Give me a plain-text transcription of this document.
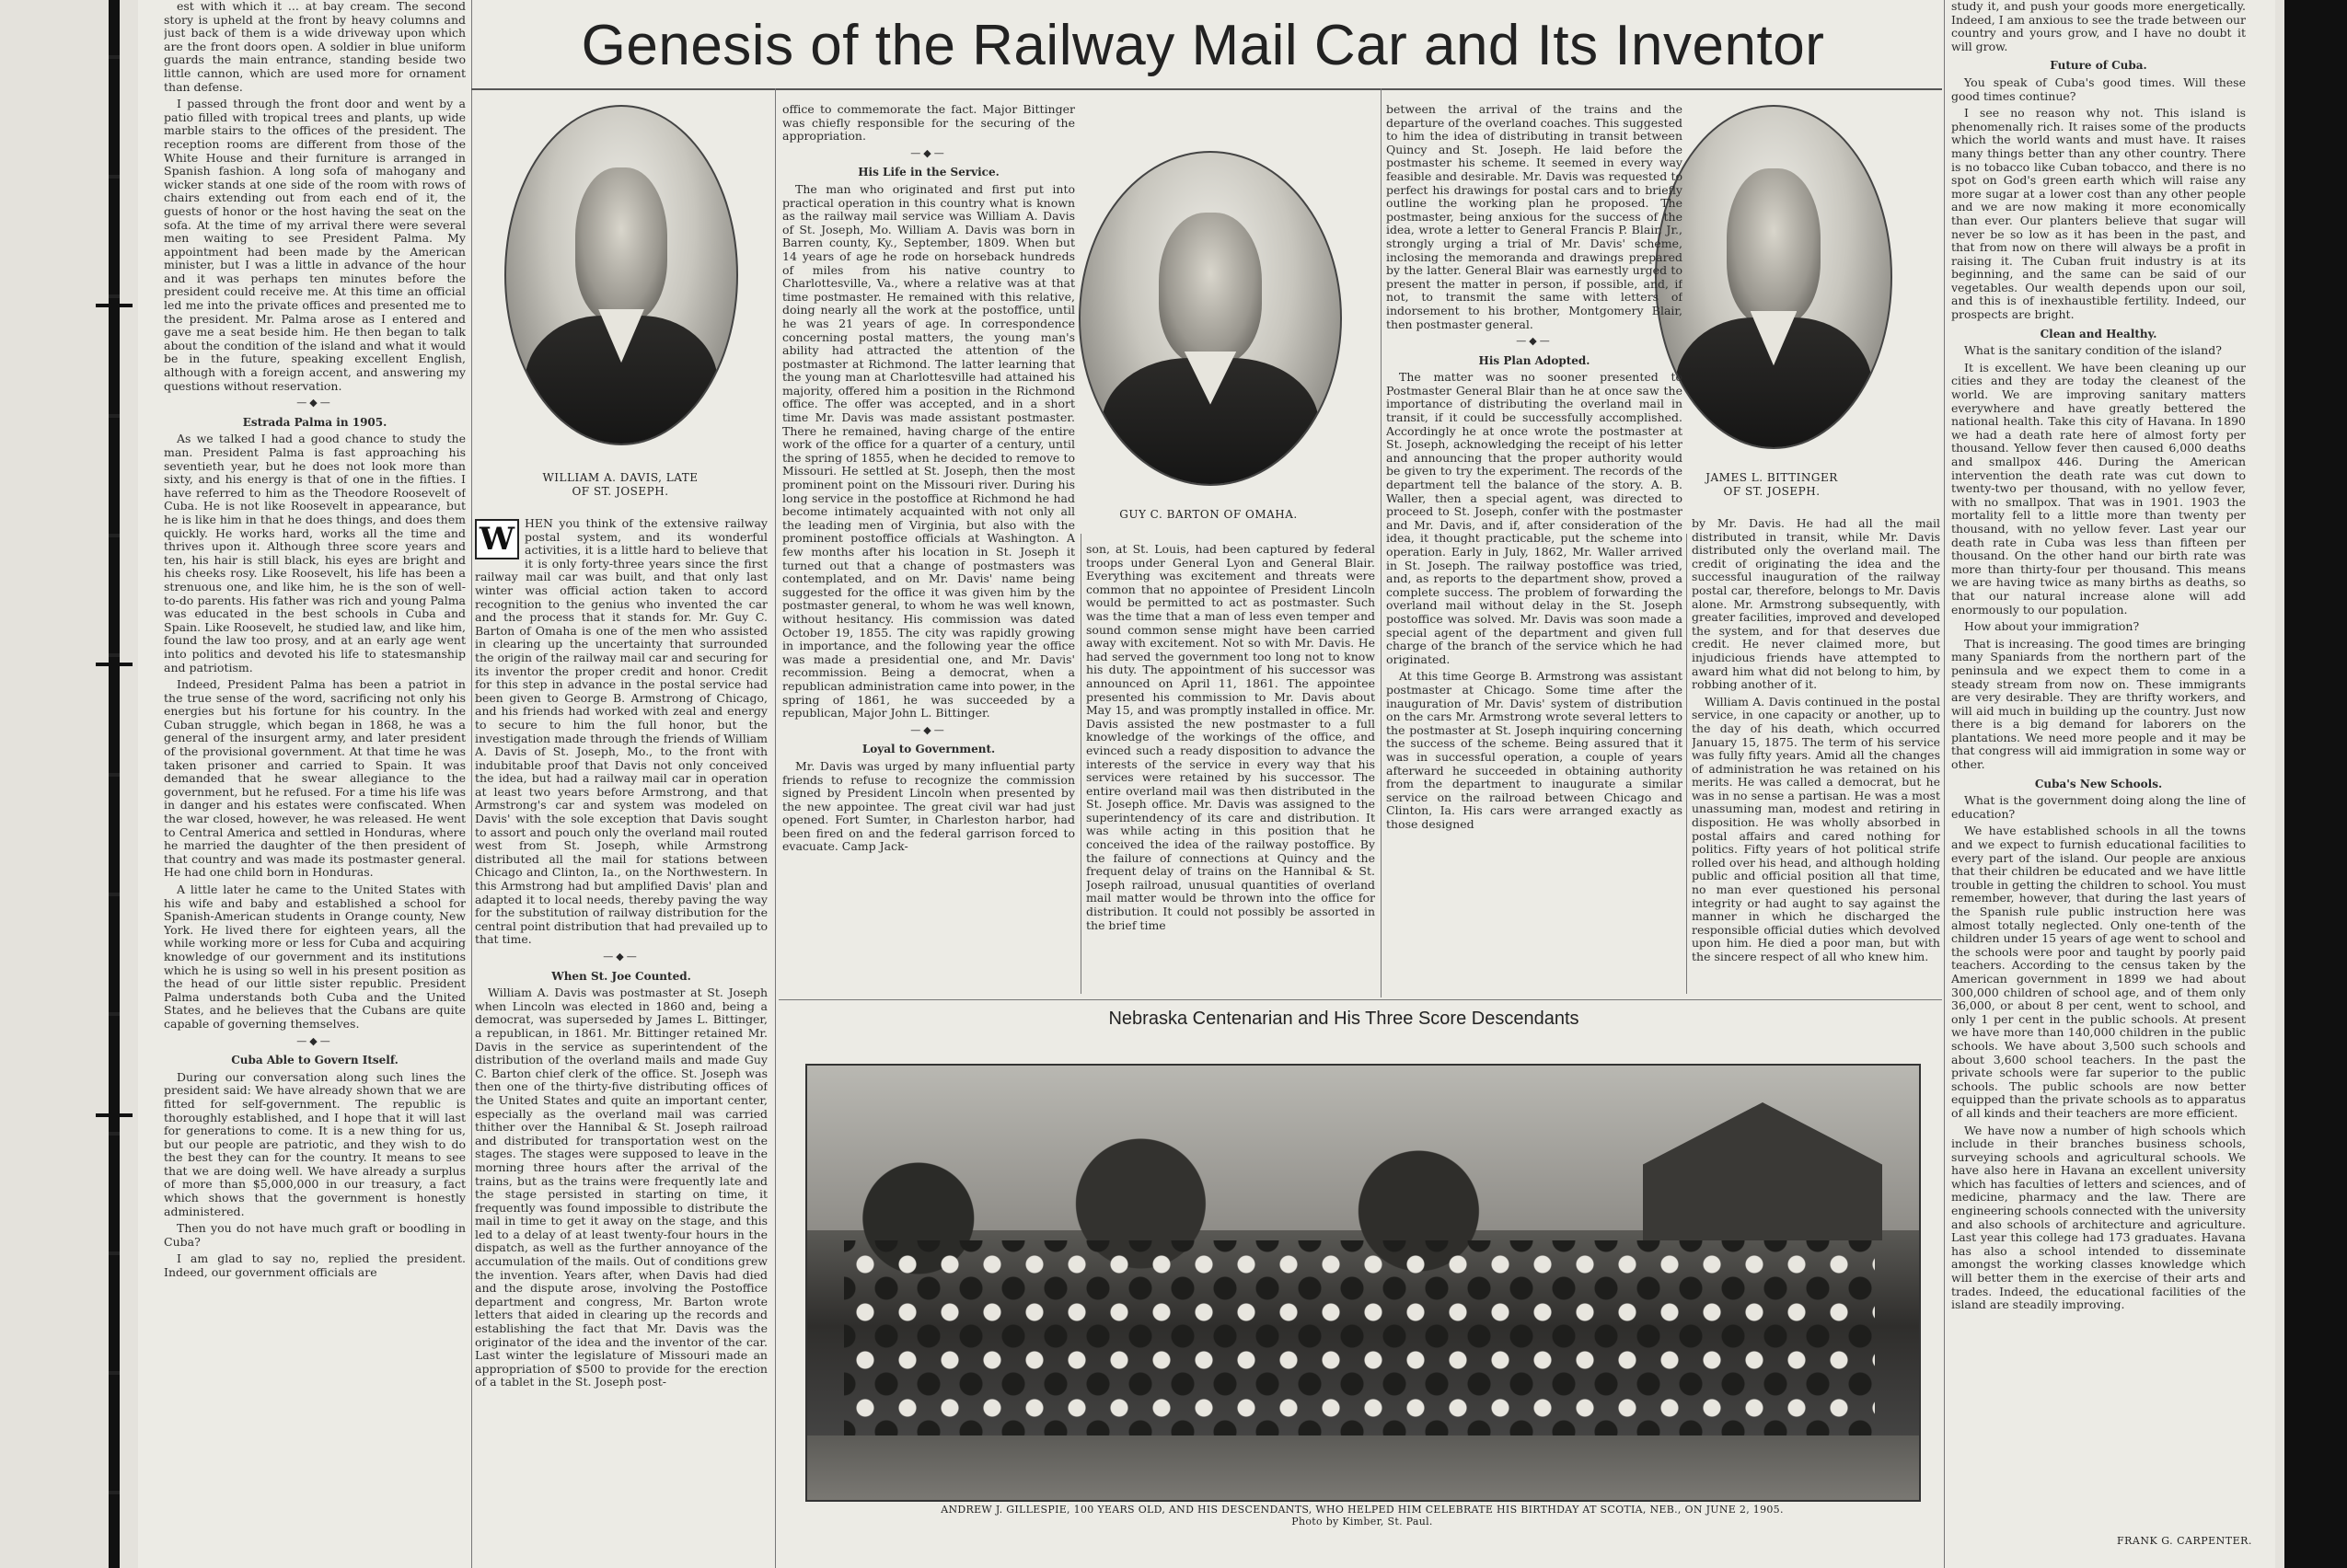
est with which it ... at bay cream. The second story is upheld at the front by heavy columns and just back of them is a wide driveway upon which are the front doors open. A soldier in blue uniform guards the main entrance, standing beside two little cannon, which are used more for ornament than defense.

I passed through the front door and went by a patio filled with tropical trees and plants, up wide marble stairs to the offices of the president. The reception rooms are different from those of the White House and their furniture is arranged in Spanish fashion. A long sofa of mahogany and wicker stands at one side of the room with rows of chairs extending out from each end of it, the guests of honor or the host having the seat on the sofa. At the time of my arrival there were several men waiting to see President Palma. My appointment had been made by the American minister, but I was a little in advance of the hour and it was perhaps ten minutes before the president could receive me. At this time an official led me into the private offices and presented me to the president. Mr. Palma arose as I entered and gave me a seat beside him. He then began to talk about the condition of the island and what it would be in the future, speaking excellent English, although with a foreign accent, and answering my questions without reservation.

—◆—
Estrada Palma in 1905.

As we talked I had a good chance to study the man. President Palma is fast approaching his seventieth year, but he does not look more than sixty, and his energy is that of one in the fifties. I have referred to him as the Theodore Roosevelt of Cuba. He is not like Roosevelt in appearance, but he is like him in that he does things, and does them quickly. He works hard, works all the time and thrives upon it. Although three score years and ten, his hair is still black, his eyes are bright and his cheeks rosy. Like Roosevelt, his life has been a strenuous one, and like him, he is the son of well-to-do parents. His father was rich and young Palma was educated in the best schools in Cuba and Spain. Like Roosevelt, he studied law, and like him, found the law too prosy, and at an early age went into politics and devoted his life to statesmanship and patriotism.

Indeed, President Palma has been a patriot in the true sense of the word, sacrificing not only his energies but his fortune for his country. In the Cuban struggle, which began in 1868, he was a general of the insurgent army, and later president of the provisional government. At that time he was taken prisoner and carried to Spain. It was demanded that he swear allegiance to the government, but he refused. For a time his life was in danger and his estates were confiscated. When the war closed, however, he was released. He went to Central America and settled in Honduras, where he married the daughter of the then president of that country and was made its postmaster general. He had one child born in Honduras.

A little later he came to the United States with his wife and baby and established a school for Spanish-American students in Orange county, New York. He lived there for eighteen years, all the while working more or less for Cuba and acquiring knowledge of our government and its institutions which he is using so well in his present position as the head of our little sister republic. President Palma understands both Cuba and the United States, and he believes that the Cubans are quite capable of governing themselves.

—◆—
Cuba Able to Govern Itself.

During our conversation along such lines the president said: We have already shown that we are fitted for self-government. The republic is thoroughly established, and I hope that it will last for generations to come. It is a new thing for us, but our people are patriotic, and they wish to do the best they can for the country. It means to see that we are doing well. We have already a surplus of more than $5,000,000 in our treasury, a fact which shows that the government is honestly administered.

Then you do not have much graft or boodling in Cuba?

I am glad to say no, replied the president. Indeed, our government officials are

Genesis of the Railway Mail Car and Its Inventor
WILLIAM A. DAVIS, LATE
OF ST. JOSEPH.
GUY C. BARTON OF OMAHA.
JAMES L. BITTINGER
OF ST. JOSEPH.

W HEN you think of the extensive railway postal system, and its wonderful activities, it is a little hard to believe that it is only forty-three years since the first railway mail car was built, and that only last winter was official action taken to accord recognition to the genius who invented the car and the process that it stands for. Mr. Guy C. Barton of Omaha is one of the men who assisted in clearing up the uncertainty that surrounded the origin of the railway mail car and securing for its inventor the proper credit and honor. Credit for this step in advance in the postal service had been given to George B. Armstrong of Chicago, and his friends had worked with zeal and energy to secure to him the full honor, but the investigation made through the friends of William A. Davis of St. Joseph, Mo., to the front with indubitable proof that Davis not only conceived the idea, but had a railway mail car in operation at least two years before Armstrong, and that Armstrong's car and system was modeled on Davis' with the sole exception that Davis sought to assort and pouch only the overland mail routed west from St. Joseph, while Armstrong distributed all the mail for stations between Chicago and Clinton, Ia., on the Northwestern. In this Armstrong had but amplified Davis' plan and adapted it to local needs, thereby paving the way for the substitution of railway distribution for the central point distribution that had prevailed up to that time.

—◆—
When St. Joe Counted.

William A. Davis was postmaster at St. Joseph when Lincoln was elected in 1860 and, being a democrat, was superseded by James L. Bittinger, a republican, in 1861. Mr. Bittinger retained Mr. Davis in the service as superintendent of the distribution of the overland mails and made Guy C. Barton chief clerk of the office. St. Joseph was then one of the thirty-five distributing offices of the United States and quite an important center, especially as the overland mail was carried thither over the Hannibal & St. Joseph railroad and distributed for transportation west on the stages. The stages were supposed to leave in the morning three hours after the arrival of the trains, but as the trains were frequently late and the stage persisted in starting on time, it frequently was found impossible to distribute the mail in time to get it away on the stage, and this led to a delay of at least twenty-four hours in the dispatch, as well as the further annoyance of the accumulation of the mails. Out of conditions grew the invention. Years after, when Davis had died and the dispute arose, involving the Postoffice department and congress, Mr. Barton wrote letters that aided in clearing up the records and establishing the fact that Mr. Davis was the originator of the idea and the inventor of the car. Last winter the legislature of Missouri made an appropriation of $500 to provide for the erection of a tablet in the St. Joseph post-

office to commemorate the fact. Major Bittinger was chiefly responsible for the securing of the appropriation.

—◆—
His Life in the Service.

The man who originated and first put into practical operation in this country what is known as the railway mail service was William A. Davis of St. Joseph, Mo. William A. Davis was born in Barren county, Ky., September, 1809. When but 14 years of age he rode on horseback hundreds of miles from his native country to Charlottesville, Va., where a relative was at that time postmaster. He remained with this relative, doing nearly all the work at the postoffice, until he was 21 years of age. In correspondence concerning postal matters, the young man's ability had attracted the attention of the postmaster at Richmond. The latter learning that the young man at Charlottesville had attained his majority, offered him a position in the Richmond office. The offer was accepted, and in a short time Mr. Davis was made assistant postmaster. There he remained, having charge of the entire work of the office for a quarter of a century, until the spring of 1855, when he decided to remove to Missouri. He settled at St. Joseph, then the most prominent point on the Missouri river. During his long service in the postoffice at Richmond he had become intimately acquainted with not only all the leading men of Virginia, but also with the prominent postoffice officials at Washington. A few months after his location in St. Joseph it turned out that a change of postmasters was contemplated, and on Mr. Davis' name being suggested for the office it was given him by the postmaster general, to whom he was well known, without hesitancy. His commission was dated October 19, 1855. The city was rapidly growing in importance, and the following year the office was made a presidential one, and Mr. Davis' recommission. Being a democrat, when a republican administration came into power, in the spring of 1861, he was succeeded by a republican, Major John L. Bittinger.

—◆—
Loyal to Government.

Mr. Davis was urged by many influential party friends to refuse to recognize the commission signed by President Lincoln when presented by the new appointee. The great civil war had just opened. Fort Sumter, in Charleston harbor, had been fired on and the federal garrison forced to evacuate. Camp Jack-

son, at St. Louis, had been captured by federal troops under General Lyon and General Blair. Everything was excitement and threats were common that no appointee of President Lincoln would be permitted to act as postmaster. Such was the time that a man of less even temper and sound common sense might have been carried away with excitement. Not so with Mr. Davis. He had served the government too long not to know his duty. The appointment of his successor was announced on April 11, 1861. The appointee presented his commission to Mr. Davis about May 15, and was promptly installed in office. Mr. Davis assisted the new postmaster to a full knowledge of the workings of the office, and evinced such a ready disposition to advance the interests of the service in every way that his services were retained by his successor. The entire overland mail was then distributed in the St. Joseph office. Mr. Davis was assigned to the superintendency of its care and distribution. It was while acting in this position that he conceived the idea of the railway postoffice. By the failure of connections at Quincy and the frequent delay of trains on the Hannibal & St. Joseph railroad, unusual quantities of overland mail matter would be thrown into the office for distribution. It could not possibly be assorted in the brief time

between the arrival of the trains and the departure of the overland coaches. This suggested to him the idea of distributing in transit between Quincy and St. Joseph. He laid before the postmaster his scheme. It seemed in every way feasible and desirable. Mr. Davis was requested to perfect his drawings for postal cars and to briefly outline the working plan he proposed. The postmaster, being anxious for the success of the idea, wrote a letter to General Francis P. Blair, Jr., strongly urging a trial of Mr. Davis' scheme, inclosing the memoranda and drawings prepared by the latter. General Blair was earnestly urged to present the matter in person, if possible, and, if not, to transmit the same with letters of indorsement to his brother, Montgomery Blair, then postmaster general.

—◆—
His Plan Adopted.

The matter was no sooner presented to Postmaster General Blair than he at once saw the importance of distributing the overland mail in transit, if it could be successfully accomplished. Accordingly he at once wrote the postmaster at St. Joseph, acknowledging the receipt of his letter and announcing that the proper authority would be given to try the experiment. The records of the department tell the balance of the story. A. B. Waller, then a special agent, was directed to proceed to St. Joseph, confer with the postmaster and Mr. Davis, and if, after consideration of the idea, it thought practicable, put the scheme into operation. Early in July, 1862, Mr. Waller arrived in St. Joseph. The railway postoffice was tried, and, as reports to the department show, proved a complete success. The problem of forwarding the overland mail without delay in the St. Joseph postoffice was solved. Mr. Davis was soon made a special agent of the department and given full charge of the branch of the service which he had originated.

At this time George B. Armstrong was assistant postmaster at Chicago. Some time after the inauguration of Mr. Davis' system of distribution on the cars Mr. Armstrong wrote several letters to the postmaster at St. Joseph inquiring concerning the success of the scheme. Being assured that it was in successful operation, a couple of years afterward he succeeded in obtaining authority from the department to inaugurate a similar service on the railroad between Chicago and Clinton, Ia. His cars were arranged exactly as those designed

by Mr. Davis. He had all the mail distributed in transit, while Mr. Davis distributed only the overland mail. The credit of originating the idea and the successful inauguration of the railway postal car, therefore, belongs to Mr. Davis alone. Mr. Armstrong subsequently, with greater facilities, improved and developed the system, and for that deserves due credit. He never claimed more, but injudicious friends have attempted to award him what did not belong to him, by robbing another of it.

William A. Davis continued in the postal service, in one capacity or another, up to the day of his death, which occurred January 15, 1875. The term of his service was fully fifty years. Amid all the changes of administration he was retained on his merits. He was called a democrat, but he was in no sense a partisan. He was a most unassuming man, modest and retiring in disposition. He was wholly absorbed in postal affairs and cared nothing for politics. Fifty years of hot political strife rolled over his head, and although holding public and official position all that time, no man ever questioned his personal integrity or had aught to say against the manner in which he discharged the responsible official duties which devolved upon him. He died a poor man, but with the sincere respect of all who knew him.

Nebraska Centenarian and His Three Score Descendants
ANDREW J. GILLESPIE, 100 YEARS OLD, AND HIS DESCENDANTS, WHO HELPED HIM CELEBRATE HIS BIRTHDAY AT SCOTIA, NEB., ON JUNE 2, 1905.
Photo by Kimber, St. Paul.

study it, and push your goods more energetically. Indeed, I am anxious to see the trade between our country and yours grow, and I have no doubt it will grow.

Future of Cuba.

You speak of Cuba's good times. Will these good times continue?

I see no reason why not. This island is phenomenally rich. It raises some of the products which the world wants and must have. It raises many things better than any other country. There is no tobacco like Cuban tobacco, and there is no spot on God's green earth which will raise any more sugar at a lower cost than any other people and we are now making it more economically than ever. Our planters believe that sugar will never be so low as it has been in the past, and that from now on there will always be a profit in raising it. The Cuban fruit industry is at its beginning, and the same can be said of our vegetables. Our wealth depends upon our soil, and this is of inexhaustible fertility. Indeed, our prospects are bright.

Clean and Healthy.

What is the sanitary condition of the island?

It is excellent. We have been cleaning up our cities and they are today the cleanest of the world. We are improving sanitary matters everywhere and have greatly bettered the national health. Take this city of Havana. In 1890 we had a death rate here of almost forty per thousand. Yellow fever then caused 6,000 deaths and smallpox 446. During the American intervention the death rate was cut down to twenty-two per thousand, with no yellow fever, with no smallpox. That was in 1901. 1903 the mortality fell to a little more than twenty per thousand, with no yellow fever. Last year our death rate in Cuba was less than fifteen per thousand. On the other hand our birth rate was more than thirty-four per thousand. This means we are having twice as many births as deaths, so that our natural increase alone will add enormously to our population.

How about your immigration?

That is increasing. The good times are bringing many Spaniards from the northern part of the peninsula and we expect them to come in a steady stream from now on. These immigrants are very desirable. They are thrifty workers, and will aid much in building up the country. Just now there is a big demand for laborers on the plantations. We need more people and it may be that congress will aid immigration in some way or other.

Cuba's New Schools.

What is the government doing along the line of education?

We have established schools in all the towns and we expect to furnish educational facilities to every part of the island. Our people are anxious that their children be educated and we have little trouble in getting the children to school. You must remember, however, that during the last years of the Spanish rule public instruction here was almost totally neglected. Only one-tenth of the children under 15 years of age went to school and the schools were poor and taught by poorly paid teachers. According to the census taken by the American government in 1899 we had about 300,000 children of school age, and of them only 36,000, or about 8 per cent, went to school, and only 1 per cent in the public schools. At present we have more than 140,000 children in the public schools. We have about 3,500 such schools and about 3,600 school teachers. In the past the private schools were far superior to the public schools. The public schools are now better equipped than the private schools as to apparatus of all kinds and their teachers are more efficient.

We have now a number of high schools which include in their branches business schools, surveying schools and agricultural schools. We have also here in Havana an excellent university which has faculties of letters and sciences, and of medicine, pharmacy and the law. There are engineering schools connected with the university and also schools of architecture and agriculture. Last year this college had 173 graduates. Havana has also a school intended to disseminate amongst the working classes knowledge which will better them in the exercise of their arts and trades. Indeed, the educational facilities of the island are steadily improving.

FRANK G. CARPENTER.
